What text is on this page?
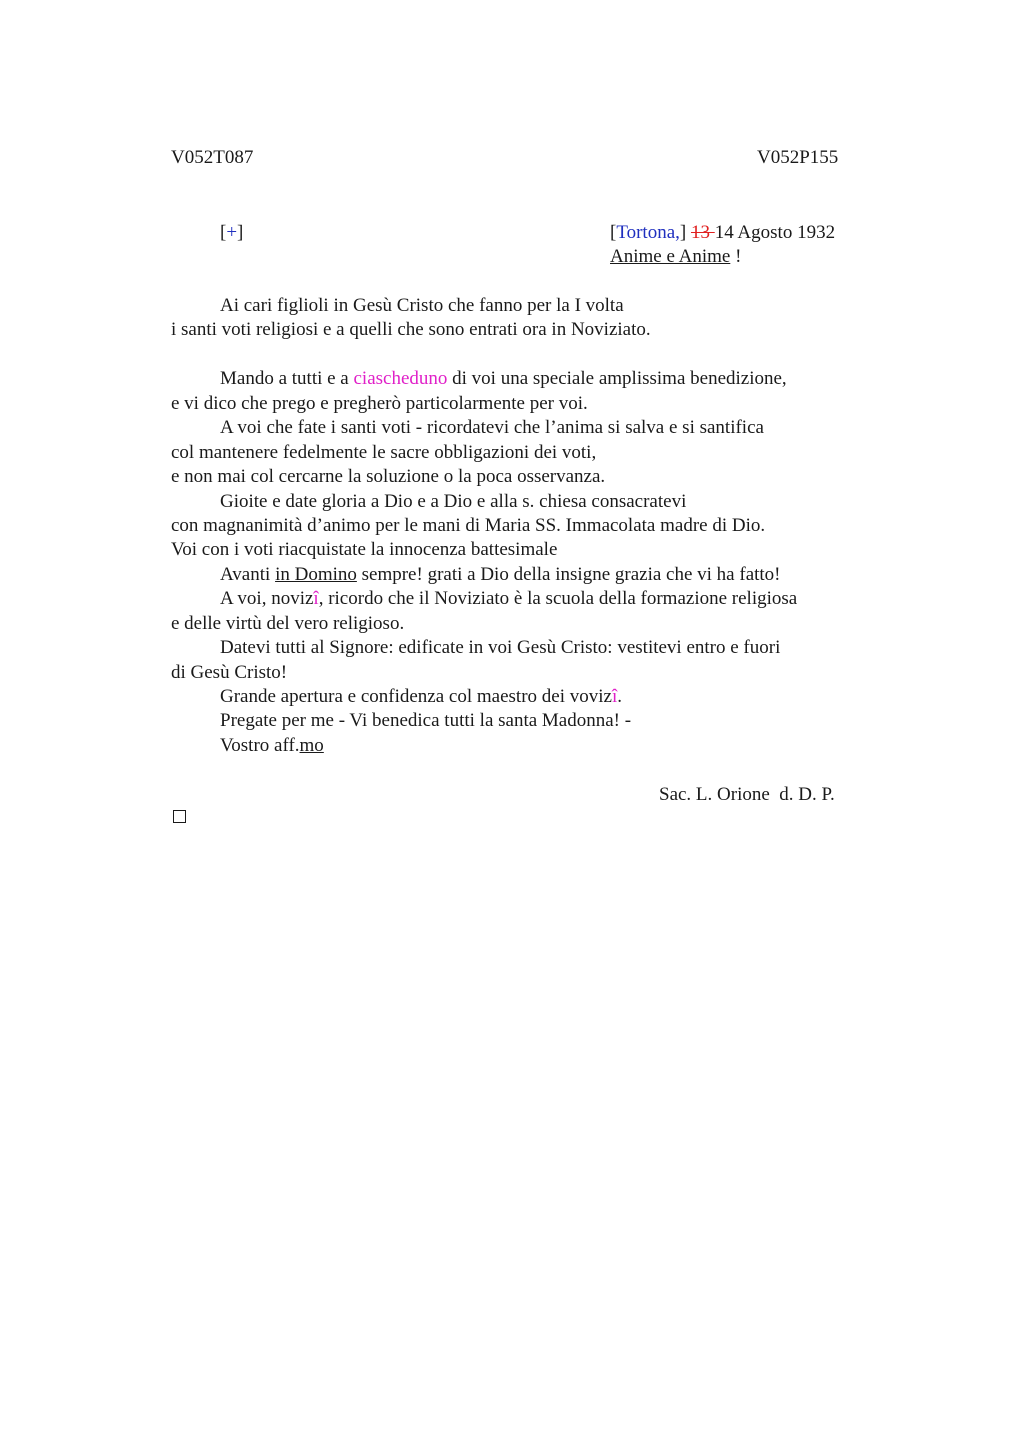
V052T087	V052P155
[+]	[Tortona,] 13 14 Agosto 1932
Anime e Anime !
Ai cari figlioli in Gesù Cristo che fanno per la I volta
i santi voti religiosi e a quelli che sono entrati ora in Noviziato.
Mando a tutti e a ciascheduno di voi una speciale amplissima benedizione,
e vi dico che prego e pregherò particolarmente per voi.
A voi che fate i santi voti - ricordatevi che l’anima si salva e si santifica
col mantenere fedelmente le sacre obbligazioni dei voti,
e non mai col cercarne la soluzione o la poca osservanza.
Gioite e date gloria a Dio e a Dio e alla s. chiesa consacratevi
con magnanimità d’animo per le mani di Maria SS. Immacolata madre di Dio.
Voi con i voti riacquistate la innocenza battesimale
Avanti in Domino sempre! grati a Dio della insigne grazia che vi ha fatto!
A voi, novizî, ricordo che il Noviziato è la scuola della formazione religiosa
e delle virtù del vero religioso.
Datevi tutti al Signore: edificate in voi Gesù Cristo: vestitevi entro e fuori
di Gesù Cristo!
Grande apertura e confidenza col maestro dei vovizî.
Pregate per me - Vi benedica tutti la santa Madonna! -
Vostro aff.mo
Sac. L. Orione  d. D. P.
